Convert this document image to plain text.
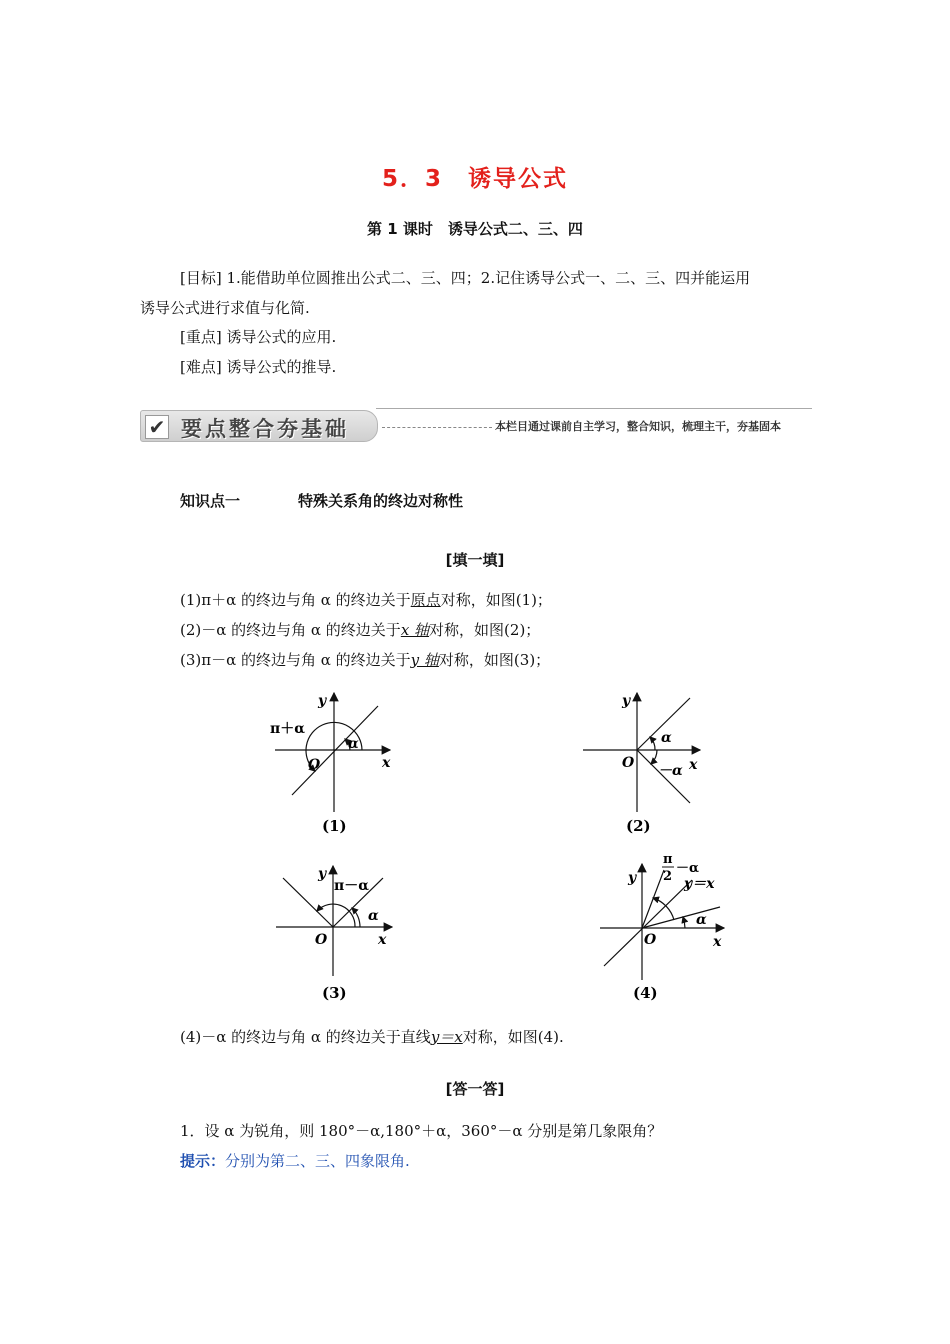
5．3　诱导公式
第 1 课时　诱导公式二、三、四
[目标] 1.能借助单位圆推出公式二、三、四；2.记住诱导公式一、二、三、四并能运用
诱导公式进行求值与化简.
[重点] 诱导公式的应用.
[难点] 诱导公式的推导.
✔ 要点整合夯基础	本栏目通过课前自主学习，整合知识，梳理主干，夯基固本
知识点一	特殊关系角的终边对称性
[填一填]
(1)π＋α 的终边与角 α 的终边关于原点对称，如图(1)；
(2)－α 的终边与角 α 的终边关于x 轴对称，如图(2)；
(3)π－α 的终边与角 α 的终边关于y 轴对称，如图(3)；
π＋α
α
y
x
O
(1)
α
－α
y
x
O
(2)
π－α
α
y
x
O
(3)
π
2
－α
y＝x
α
y
x
O
(4)
(4)－α 的终边与角 α 的终边关于直线y＝x对称，如图(4).
[答一答]
1．设 α 为锐角，则 180°－α,180°＋α，360°－α 分别是第几象限角？
提示：分别为第二、三、四象限角.
